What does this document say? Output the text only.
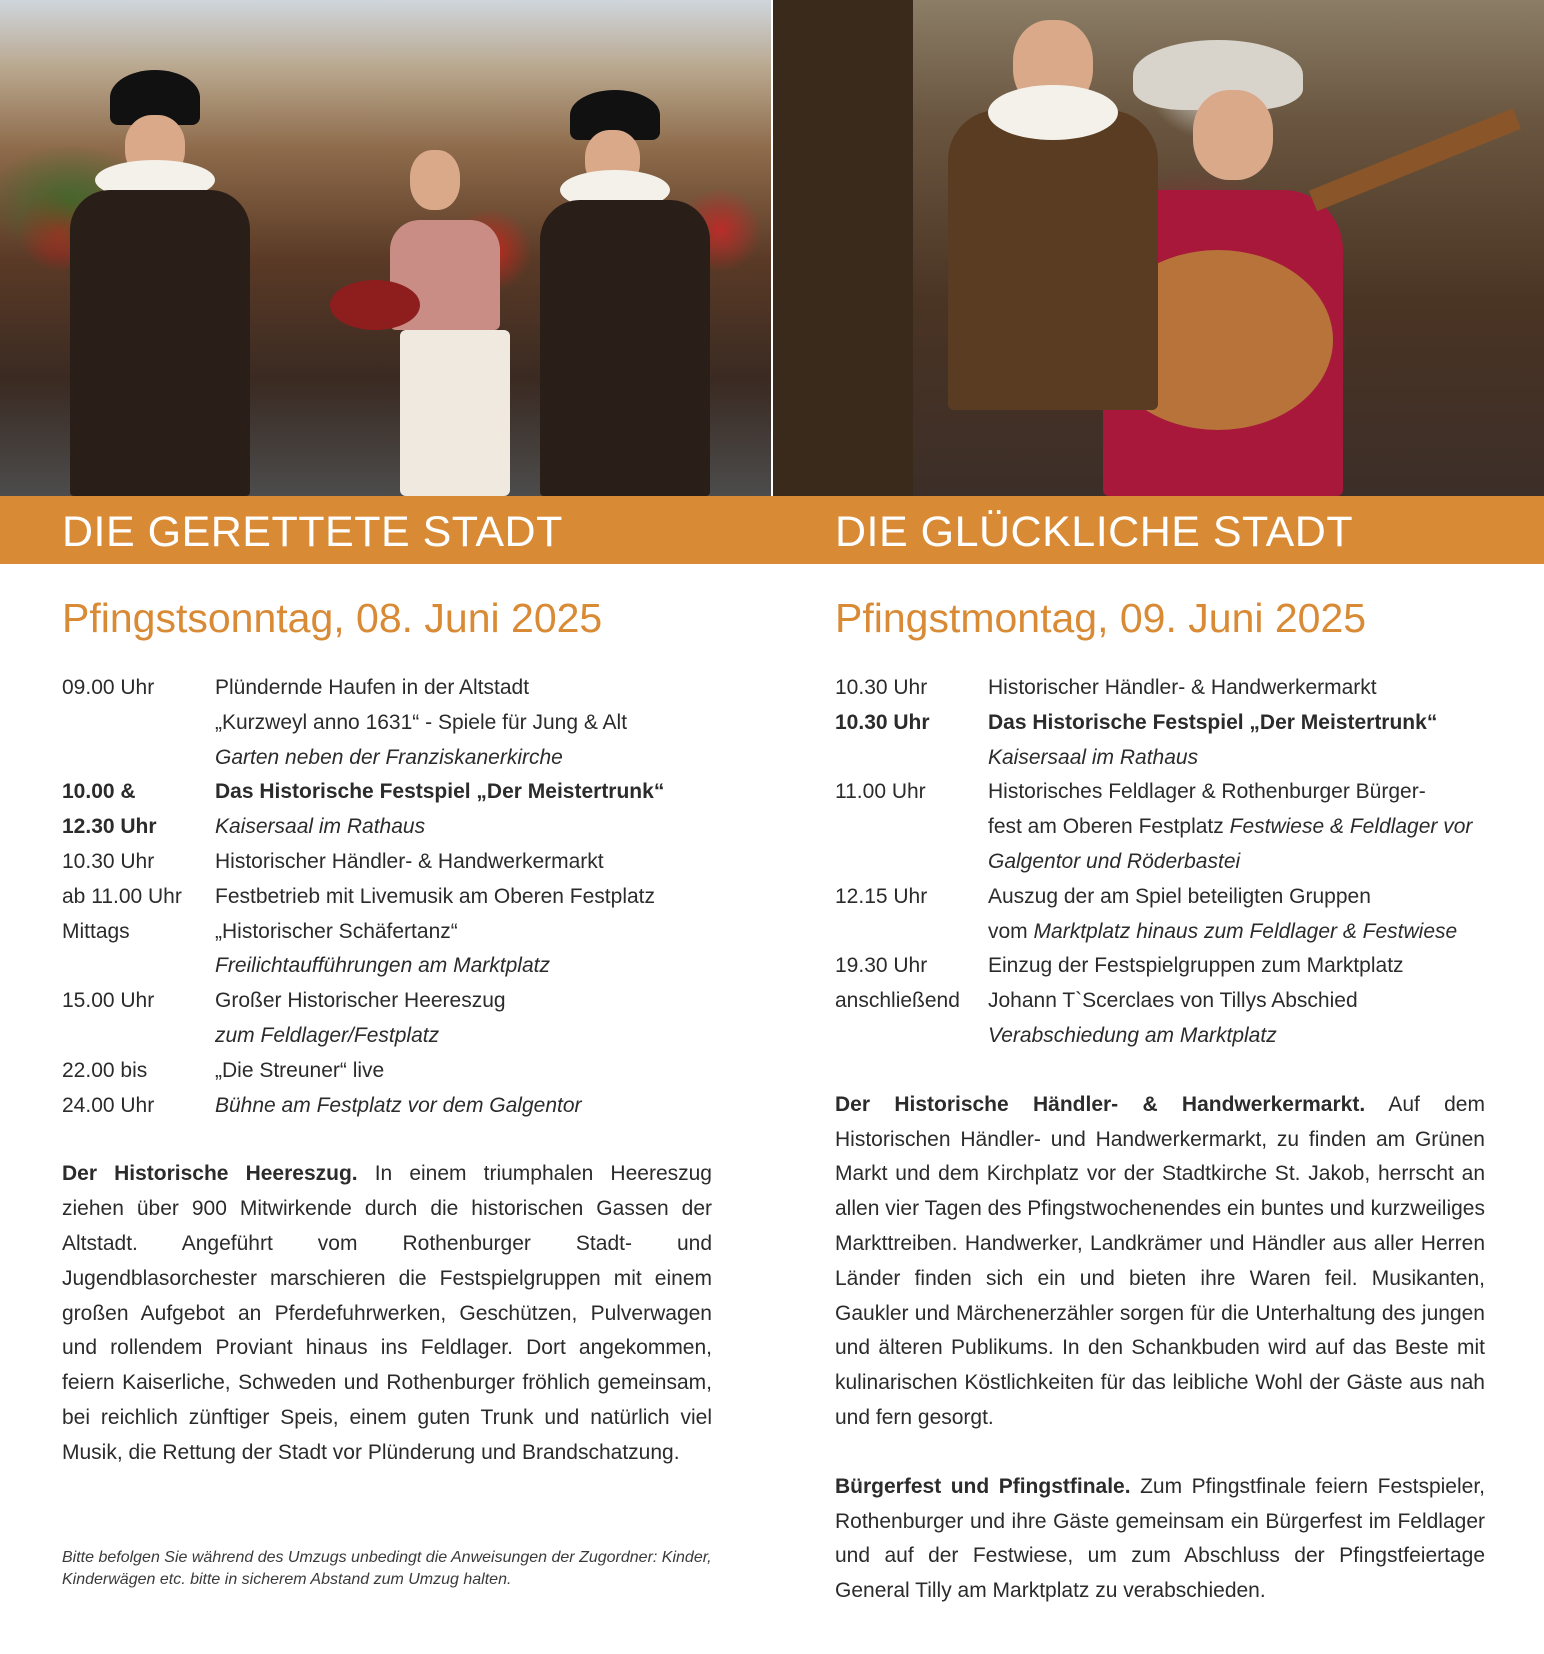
DIE GERETTETE STADT	DIE GLÜCKLICHE STADT
Pfingstsonntag, 08. Juni 2025
09.00 Uhr	Plündernde Haufen in der Altstadt
„Kurzweyl anno 1631“ - Spiele für Jung & Alt
Garten neben der Franziskanerkirche
10.00 &	Das Historische Festspiel „Der Meistertrunk“
12.30 Uhr	Kaisersaal im Rathaus
10.30 Uhr	Historischer Händler- & Handwerkermarkt
ab 11.00 Uhr	Festbetrieb mit Livemusik am Oberen Festplatz
Mittags	„Historischer Schäfertanz“
Freilichtaufführungen am Marktplatz
15.00 Uhr	Großer Historischer Heereszug
zum Feldlager/Festplatz
22.00 bis	„Die Streuner“ live
24.00 Uhr	Bühne am Festplatz vor dem Galgentor

Der Historische Heereszug. In einem triumphalen Heereszug ziehen über 900 Mitwirkende durch die historischen Gassen der Altstadt. Angeführt vom Rothenburger Stadt- und Jugendblasorchester marschieren die Festspielgruppen mit einem großen Aufgebot an Pferdefuhrwerken, Geschützen, Pulverwagen und rollendem Proviant hinaus ins Feldlager. Dort angekommen, feiern Kaiserliche, Schweden und Rothenburger fröhlich gemeinsam, bei reichlich zünftiger Speis, einem guten Trunk und natürlich viel Musik, die Rettung der Stadt vor Plünderung und Brandschatzung.

Bitte befolgen Sie während des Umzugs unbedingt die Anweisungen der Zugordner: Kinder, Kinderwägen etc. bitte in sicherem Abstand zum Umzug halten.
Pfingstmontag, 09. Juni 2025
10.30 Uhr	Historischer Händler- & Handwerkermarkt
10.30 Uhr	Das Historische Festspiel „Der Meistertrunk“
Kaisersaal im Rathaus
11.00 Uhr	Historisches Feldlager & Rothenburger Bürger-
fest am Oberen Festplatz Festwiese & Feldlager vor
Galgentor und Röderbastei
12.15 Uhr	Auszug der am Spiel beteiligten Gruppen
vom Marktplatz hinaus zum Feldlager & Festwiese
19.30 Uhr	Einzug der Festspielgruppen zum Marktplatz
anschließend	Johann T`Scerclaes von Tillys Abschied
Verabschiedung am Marktplatz

Der Historische Händler- & Handwerkermarkt. Auf dem Historischen Händler- und Handwerkermarkt, zu finden am Grünen Markt und dem Kirchplatz vor der Stadtkirche St. Jakob, herrscht an allen vier Tagen des Pfingstwochenendes ein buntes und kurzweiliges Markttreiben. Handwerker, Landkrämer und Händler aus aller Herren Länder finden sich ein und bieten ihre Waren feil. Musikanten, Gaukler und Märchenerzähler sorgen für die Unterhaltung des jungen und älteren Publikums. In den Schankbuden wird auf das Beste mit kulinarischen Köstlichkeiten für das leibliche Wohl der Gäste aus nah und fern gesorgt.

Bürgerfest und Pfingstfinale. Zum Pfingstfinale feiern Festspieler, Rothenburger und ihre Gäste gemeinsam ein Bürgerfest im Feldlager und auf der Festwiese, um zum Abschluss der Pfingstfeiertage General Tilly am Marktplatz zu verabschieden.
